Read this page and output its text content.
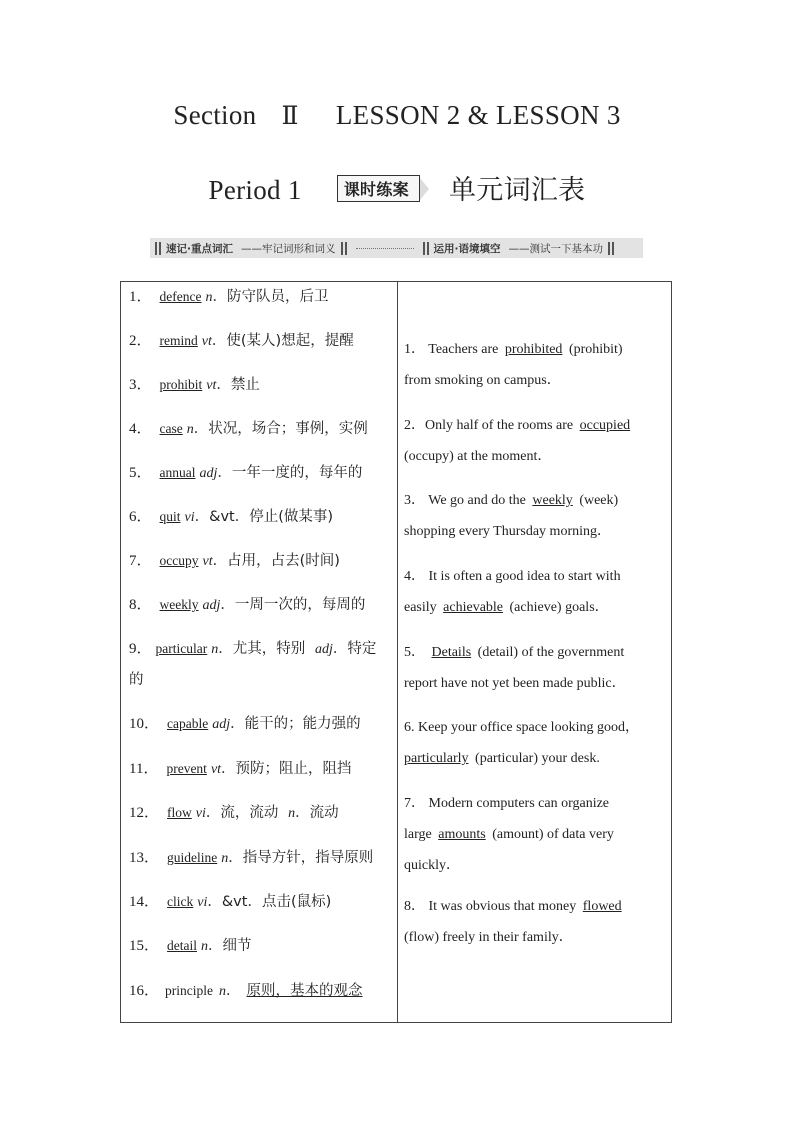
Section Ⅱ LESSON 2 & LESSON 3
Period 1	课时练案 单元词汇表
速记·重点词汇 ——牢记词形和词义	运用·语境填空 ——测试一下基本功
1． defence n．防守队员，后卫
2． remind vt．使(某人)想起，提醒
3． prohibit vt．禁止
4． case n．状况，场合；事例，实例
5． annual adj．一年一度的，每年的
6． quit vi．&vt．停止(做某事)
7． occupy vt．占用，占去(时间)
8． weekly adj．一周一次的，每周的
9． particular n．尤其，特别 adj．特定
的
10． capable adj．能干的；能力强的
11． prevent vt．预防；阻止，阻挡
12． flow vi．流，流动 n．流动
13． guideline n．指导方针，指导原则
14． click vi．&vt．点击(鼠标)
15． detail n．细节
16． principle n． 原则，基本的观念
1． Teachers are prohibited (prohibit)
from smoking on campus．
2．Only half of the rooms are occupied
(occupy) at the moment．
3． We go and do the weekly (week)
shopping every Thursday morning．
4． It is often a good idea to start with
easily achievable (achieve) goals．
5． Details (detail) of the government
report have not yet been made public．
6. Keep your office space looking good，
particularly (particular) your desk.
7． Modern computers can organize
large amounts (amount) of data very
quickly．
8． It was obvious that money flowed
(flow) freely in their family．
